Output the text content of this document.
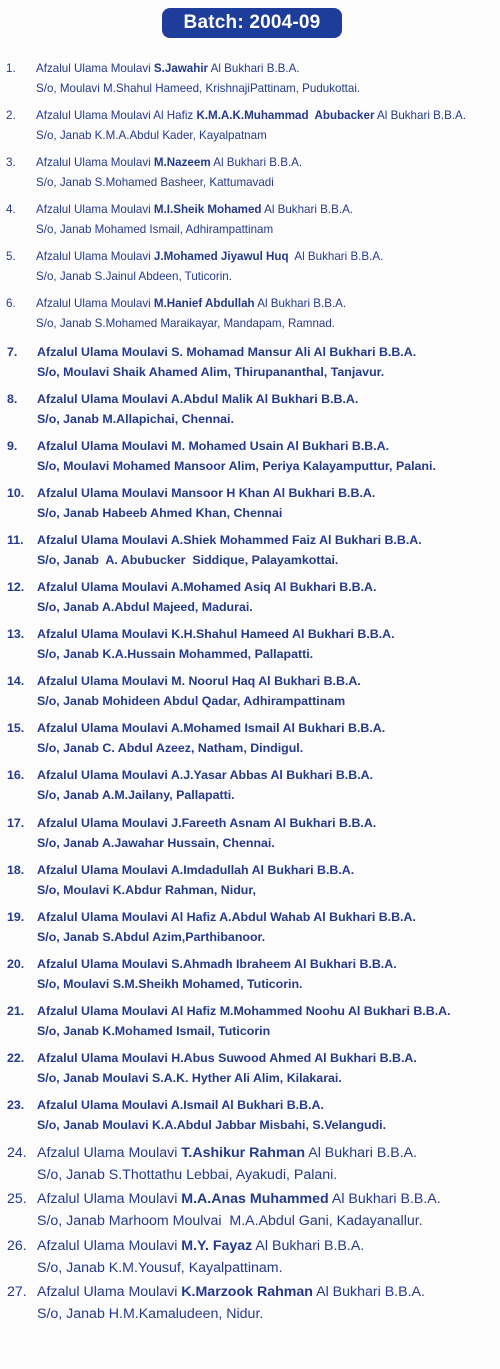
Batch: 2004-09
1. Afzalul Ulama Moulavi S.Jawahir Al Bukhari B.B.A.
S/o, Moulavi M.Shahul Hameed, KrishnajiPattinam, Pudukottai.
2. Afzalul Ulama Moulavi Al Hafiz K.M.A.K.Muhammad  Abubacker Al Bukhari B.B.A.
S/o, Janab K.M.A.Abdul Kader, Kayalpatnam
3. Afzalul Ulama Moulavi M.Nazeem Al Bukhari B.B.A.
S/o, Janab S.Mohamed Basheer, Kattumavadi
4. Afzalul Ulama Moulavi M.I.Sheik Mohamed Al Bukhari B.B.A.
S/o, Janab Mohamed Ismail, Adhirampattinam
5. Afzalul Ulama Moulavi J.Mohamed Jiyawul Huq  Al Bukhari B.B.A.
S/o, Janab S.Jainul Abdeen, Tuticorin.
6. Afzalul Ulama Moulavi M.Hanief Abdullah Al Bukhari B.B.A.
S/o, Janab S.Mohamed Maraikayar, Mandapam, Ramnad.
7. Afzalul Ulama Moulavi S. Mohamad Mansur Ali Al Bukhari B.B.A.
S/o, Moulavi Shaik Ahamed Alim, Thirupananthal, Tanjavur.
8. Afzalul Ulama Moulavi A.Abdul Malik Al Bukhari B.B.A.
S/o, Janab M.Allapichai, Chennai.
9. Afzalul Ulama Moulavi M. Mohamed Usain Al Bukhari B.B.A.
S/o, Moulavi Mohamed Mansoor Alim, Periya Kalayamputtur, Palani.
10. Afzalul Ulama Moulavi Mansoor H Khan Al Bukhari B.B.A.
S/o, Janab Habeeb Ahmed Khan, Chennai
11. Afzalul Ulama Moulavi A.Shiek Mohammed Faiz Al Bukhari B.B.A.
S/o, Janab  A. Abubucker  Siddique, Palayamkottai.
12. Afzalul Ulama Moulavi A.Mohamed Asiq Al Bukhari B.B.A.
S/o, Janab A.Abdul Majeed, Madurai.
13. Afzalul Ulama Moulavi K.H.Shahul Hameed Al Bukhari B.B.A.
S/o, Janab K.A.Hussain Mohammed, Pallapatti.
14. Afzalul Ulama Moulavi M. Noorul Haq Al Bukhari B.B.A.
S/o, Janab Mohideen Abdul Qadar, Adhirampattinam
15. Afzalul Ulama Moulavi A.Mohamed Ismail Al Bukhari B.B.A.
S/o, Janab C. Abdul Azeez, Natham, Dindigul.
16. Afzalul Ulama Moulavi A.J.Yasar Abbas Al Bukhari B.B.A.
S/o, Janab A.M.Jailany, Pallapatti.
17. Afzalul Ulama Moulavi J.Fareeth Asnam Al Bukhari B.B.A.
S/o, Janab A.Jawahar Hussain, Chennai.
18. Afzalul Ulama Moulavi A.Imdadullah Al Bukhari B.B.A.
S/o, Moulavi K.Abdur Rahman, Nidur,
19. Afzalul Ulama Moulavi Al Hafiz A.Abdul Wahab Al Bukhari B.B.A.
S/o, Janab S.Abdul Azim,Parthibanoor.
20. Afzalul Ulama Moulavi S.Ahmadh Ibraheem Al Bukhari B.B.A.
S/o, Moulavi S.M.Sheikh Mohamed, Tuticorin.
21. Afzalul Ulama Moulavi Al Hafiz M.Mohammed Noohu Al Bukhari B.B.A.
S/o, Janab K.Mohamed Ismail, Tuticorin
22. Afzalul Ulama Moulavi H.Abus Suwood Ahmed Al Bukhari B.B.A.
S/o, Janab Moulavi S.A.K. Hyther Ali Alim, Kilakarai.
23. Afzalul Ulama Moulavi A.Ismail Al Bukhari B.B.A.
S/o, Janab Moulavi K.A.Abdul Jabbar Misbahi, S.Velangudi.
24. Afzalul Ulama Moulavi T.Ashikur Rahman Al Bukhari B.B.A.
S/o, Janab S.Thottathu Lebbai, Ayakudi, Palani.
25. Afzalul Ulama Moulavi M.A.Anas Muhammed Al Bukhari B.B.A.
S/o, Janab Marhoom Moulvai  M.A.Abdul Gani, Kadayanallur.
26. Afzalul Ulama Moulavi M.Y. Fayaz Al Bukhari B.B.A.
S/o, Janab K.M.Yousuf, Kayalpattinam.
27. Afzalul Ulama Moulavi K.Marzook Rahman Al Bukhari B.B.A.
S/o, Janab H.M.Kamaludeen, Nidur.
